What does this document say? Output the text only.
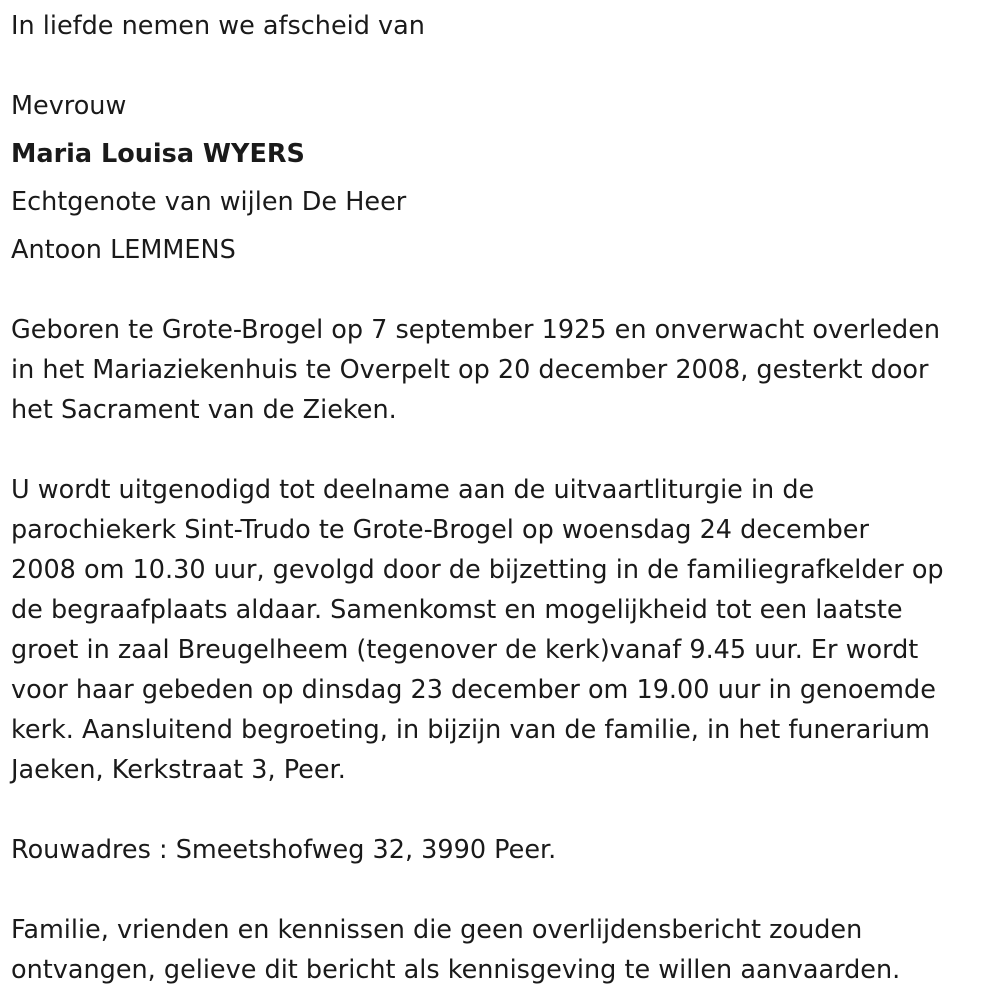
In liefde nemen we afscheid van
Mevrouw
Maria Louisa WYERS
Echtgenote van wijlen De Heer
Antoon LEMMENS
Geboren te Grote-Brogel op 7 september 1925 en onverwacht overleden
in het Mariaziekenhuis te Overpelt op 20 december 2008, gesterkt door
het Sacrament van de Zieken.
U wordt uitgenodigd tot deelname aan de uitvaartliturgie in de
parochiekerk Sint-Trudo te Grote-Brogel op woensdag 24 december
2008 om 10.30 uur, gevolgd door de bijzetting in de familiegrafkelder op
de begraafplaats aldaar. Samenkomst en mogelijkheid tot een laatste
groet in zaal Breugelheem (tegenover de kerk)vanaf 9.45 uur. Er wordt
voor haar gebeden op dinsdag 23 december om 19.00 uur in genoemde
kerk. Aansluitend begroeting, in bijzijn van de familie, in het funerarium
Jaeken, Kerkstraat 3, Peer.
Rouwadres : Smeetshofweg 32, 3990 Peer.
Familie, vrienden en kennissen die geen overlijdensbericht zouden
ontvangen, gelieve dit bericht als kennisgeving te willen aanvaarden.
